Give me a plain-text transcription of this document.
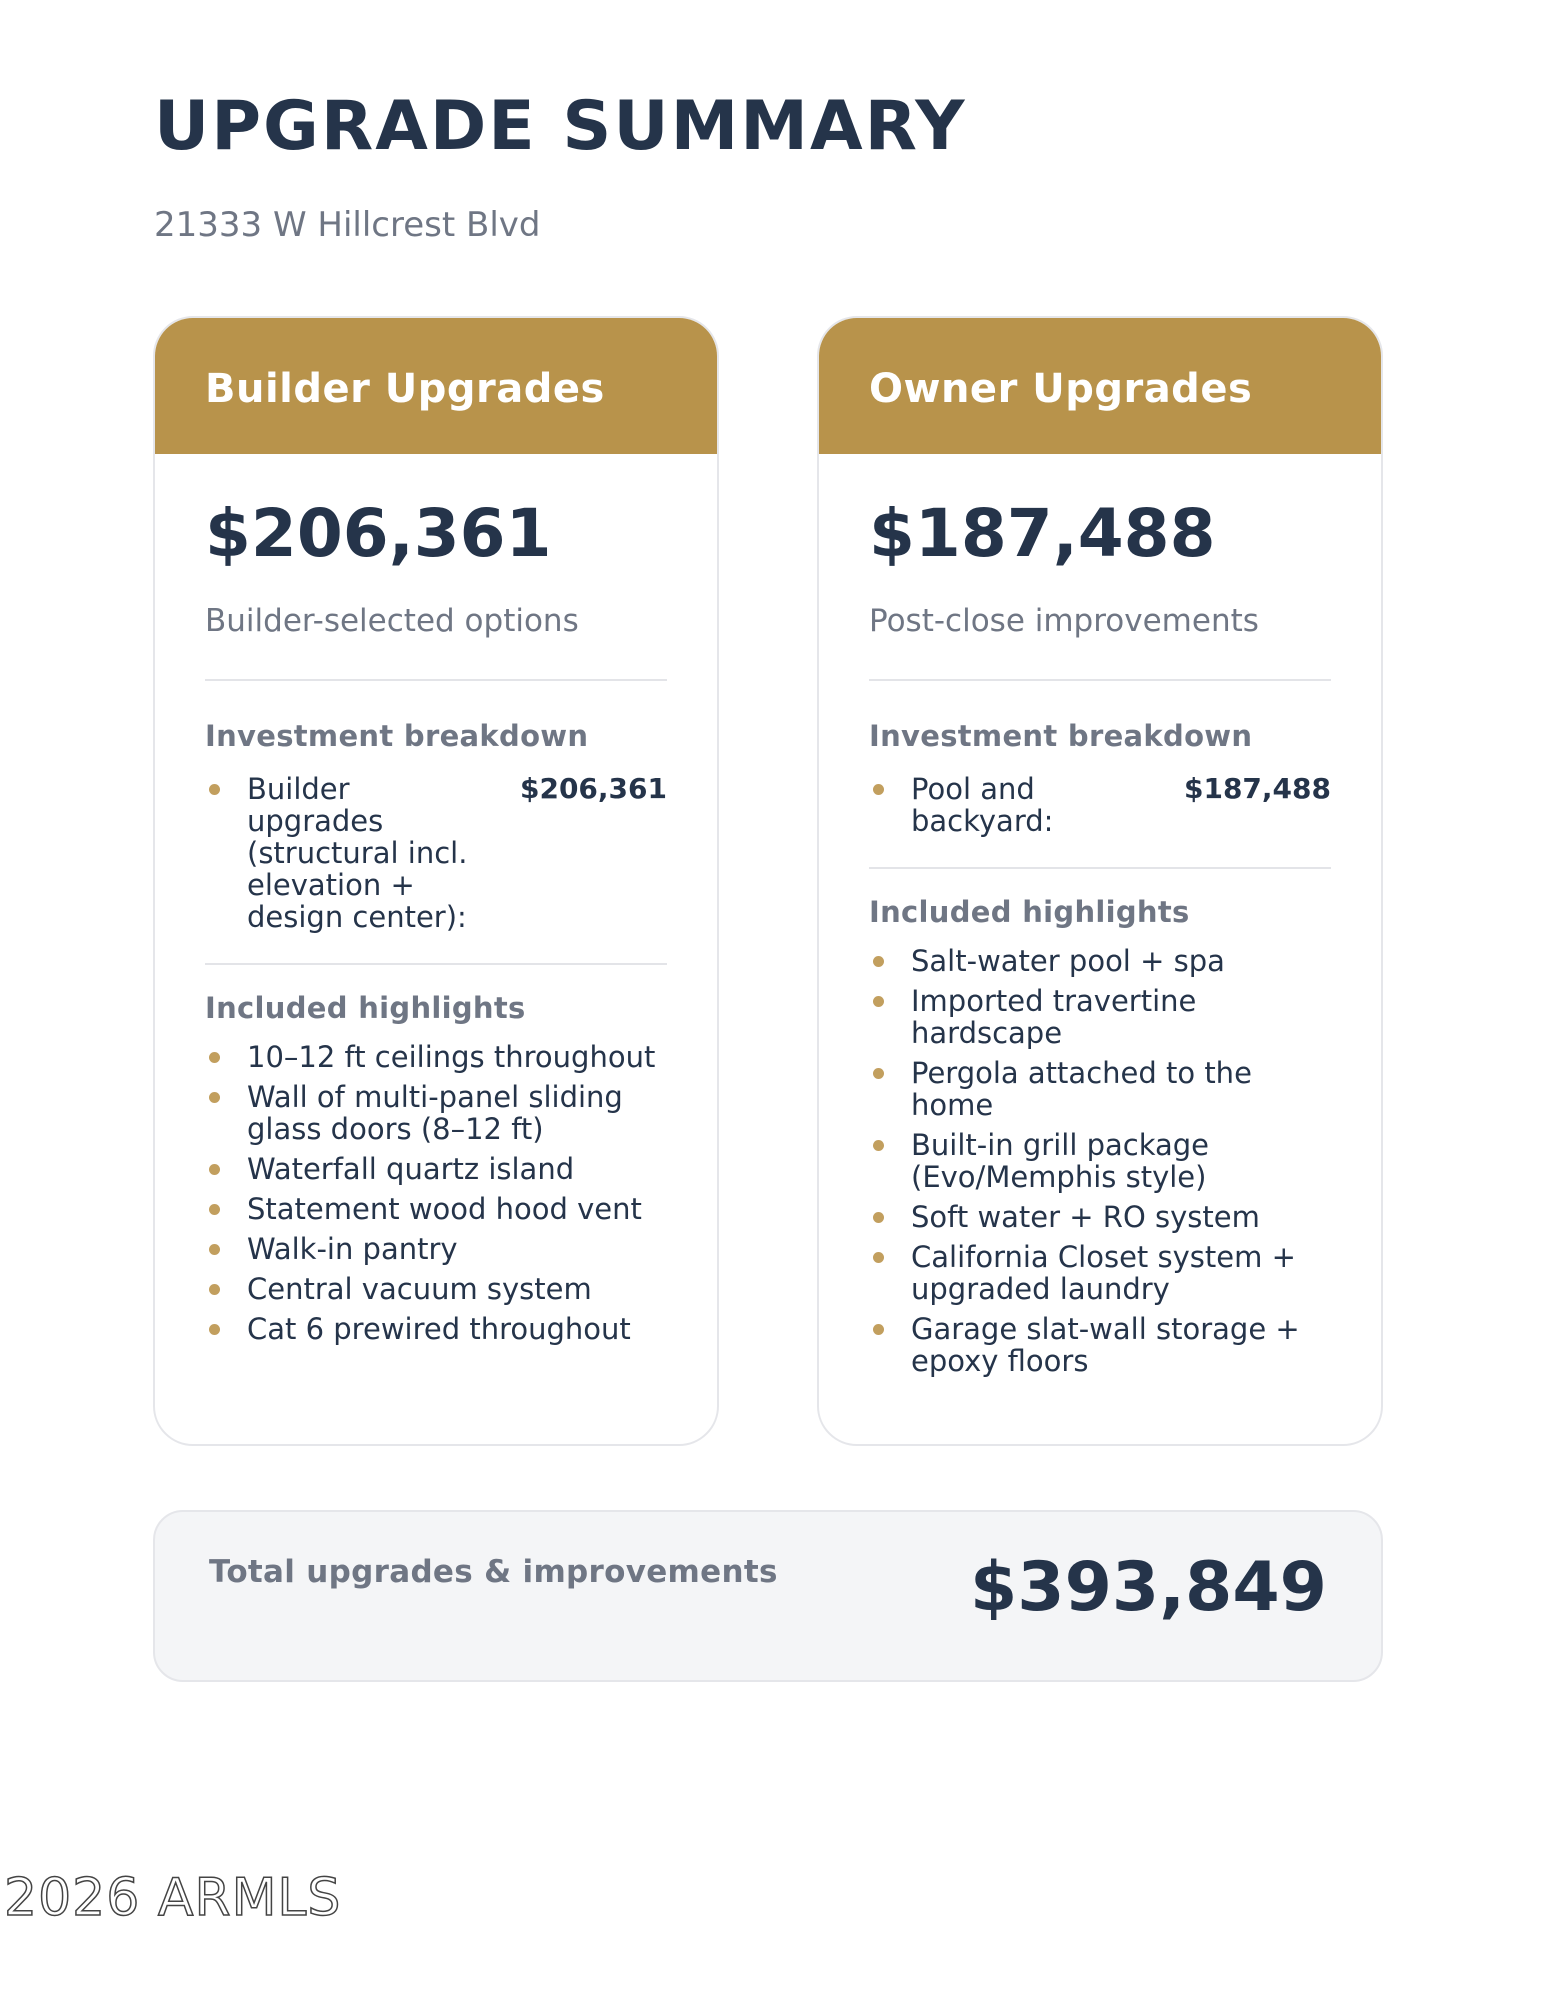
UPGRADE SUMMARY
21333 W Hillcrest Blvd
Builder Upgrades
$206,361
Builder-selected options
Investment breakdown
Builder upgrades (structural incl. elevation + design center):
$206,361
Included highlights
10–12 ft ceilings throughout
Wall of multi-panel sliding glass doors (8–12 ft)
Waterfall quartz island
Statement wood hood vent
Walk-in pantry
Central vacuum system
Cat 6 prewired throughout
Owner Upgrades
$187,488
Post-close improvements
Investment breakdown
Pool and backyard:
$187,488
Included highlights
Salt-water pool + spa
Imported travertine hardscape
Pergola attached to the home
Built-in grill package (Evo/Memphis style)
Soft water + RO system
California Closet system + upgraded laundry
Garage slat-wall storage + epoxy floors
Total upgrades & improvements	$393,849
2026 ARMLS
